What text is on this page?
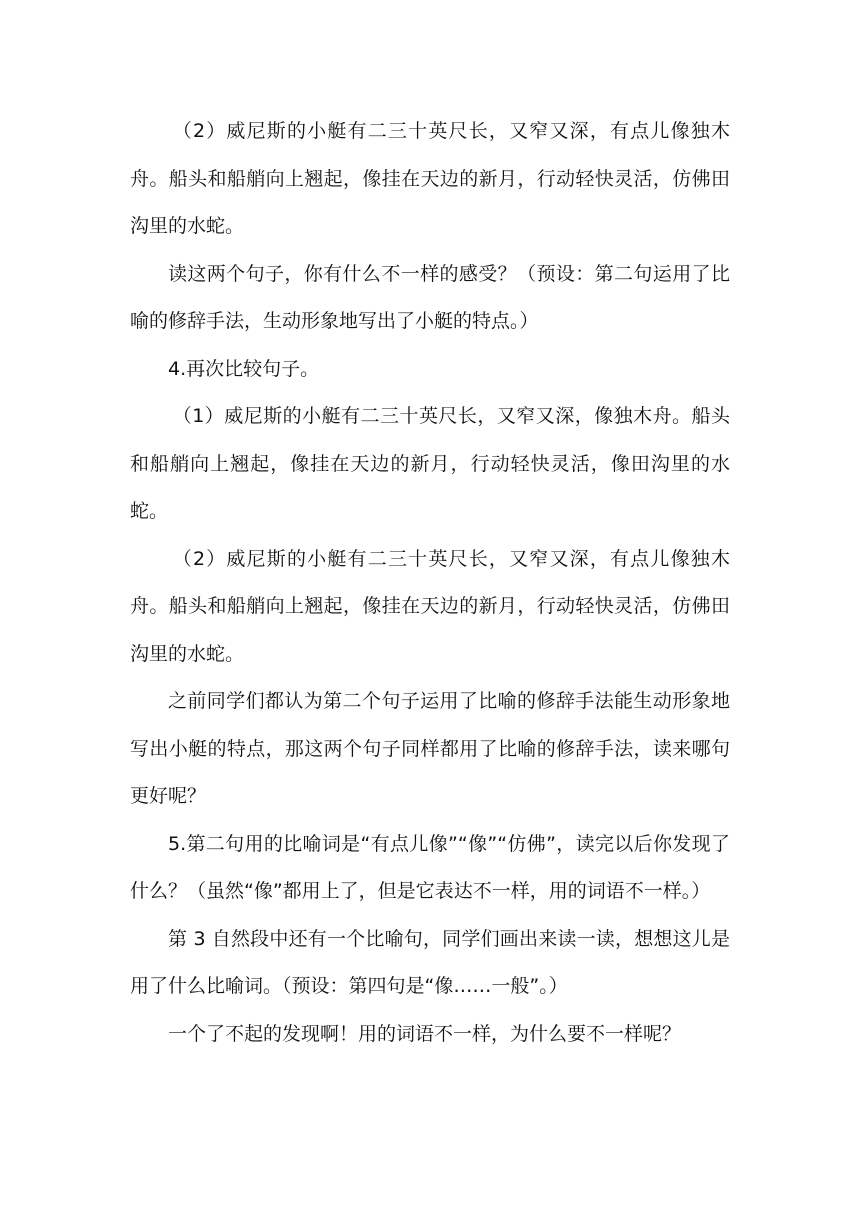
（2）威尼斯的小艇有二三十英尺长，又窄又深，有点儿像独木舟。船头和船艄向上翘起，像挂在天边的新月，行动轻快灵活，仿佛田沟里的水蛇。

读这两个句子，你有什么不一样的感受？（预设：第二句运用了比喻的修辞手法，生动形象地写出了小艇的特点。）

4.再次比较句子。

（1）威尼斯的小艇有二三十英尺长，又窄又深，像独木舟。船头和船艄向上翘起，像挂在天边的新月，行动轻快灵活，像田沟里的水蛇。

（2）威尼斯的小艇有二三十英尺长，又窄又深，有点儿像独木舟。船头和船艄向上翘起，像挂在天边的新月，行动轻快灵活，仿佛田沟里的水蛇。

之前同学们都认为第二个句子运用了比喻的修辞手法能生动形象地写出小艇的特点，那这两个句子同样都用了比喻的修辞手法，读来哪句更好呢？

5.第二句用的比喻词是“有点儿像”“像”“仿佛”，读完以后你发现了什么？（虽然“像”都用上了，但是它表达不一样，用的词语不一样。）

第 3 自然段中还有一个比喻句，同学们画出来读一读，想想这儿是用了什么比喻词。（预设：第四句是“像……一般”。）

一个了不起的发现啊！用的词语不一样，为什么要不一样呢？
